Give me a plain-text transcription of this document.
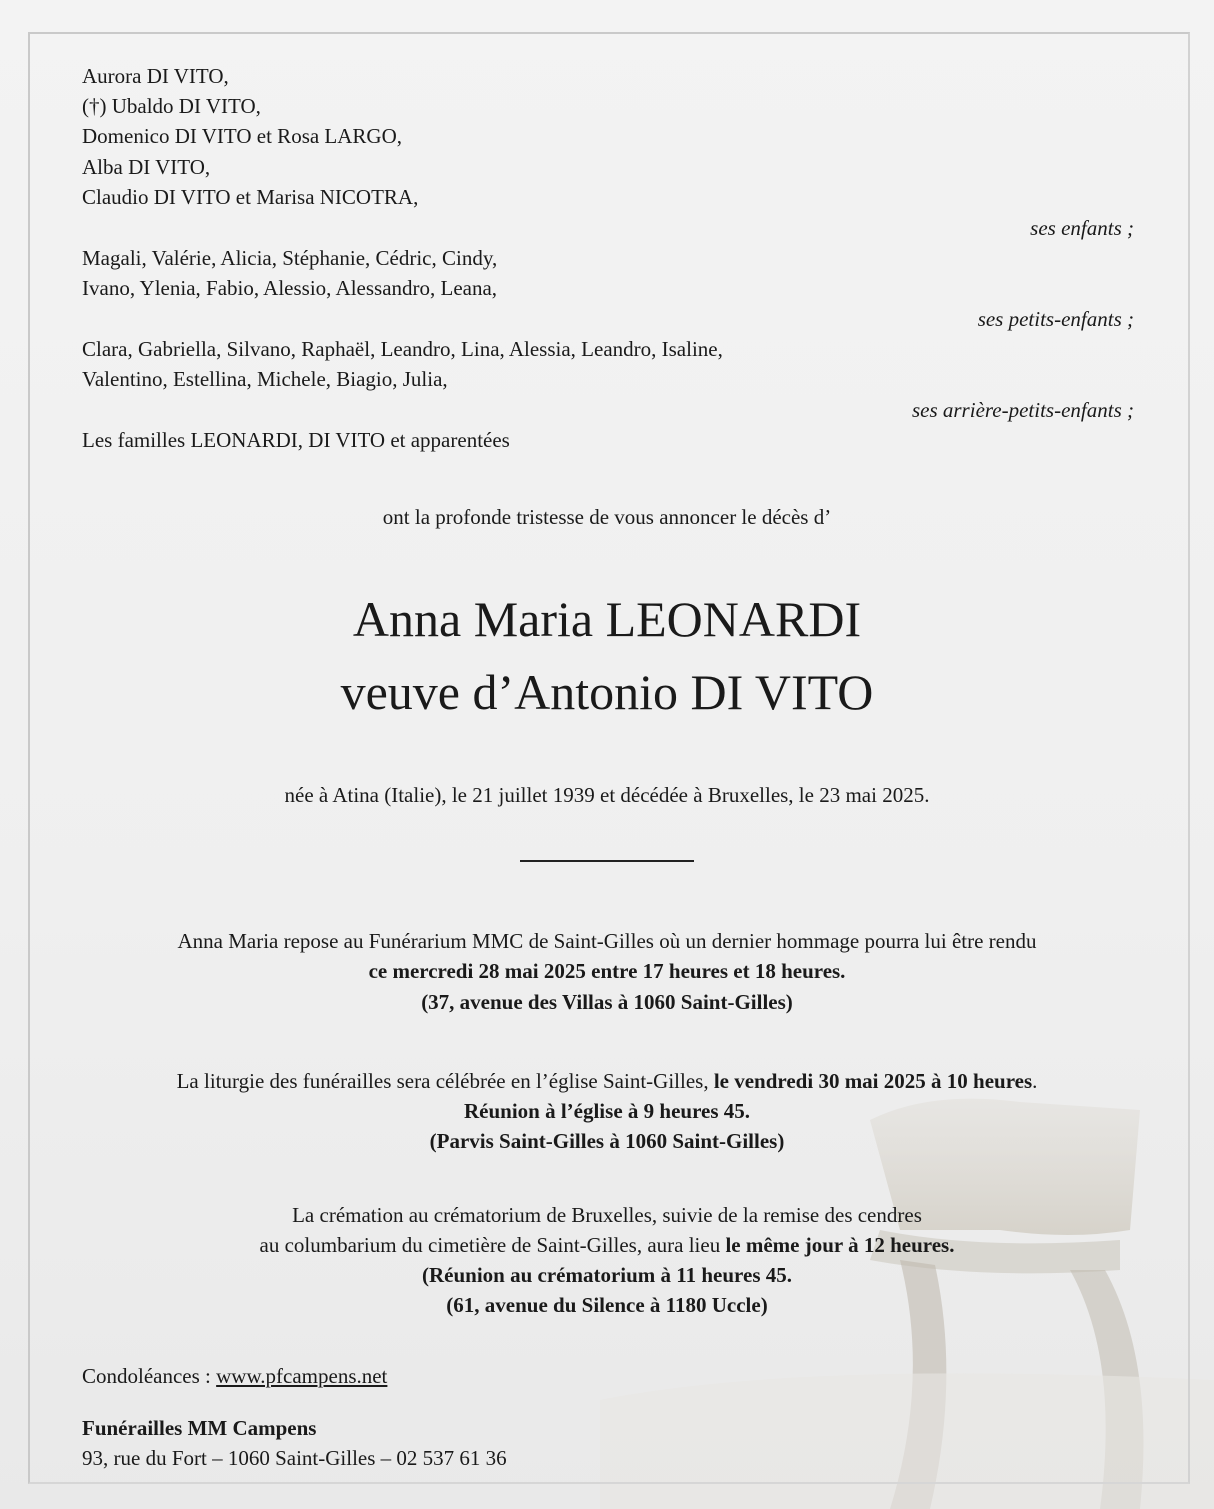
Aurora DI VITO,
(†) Ubaldo DI VITO,
Domenico DI VITO et Rosa LARGO,
Alba DI VITO,
Claudio DI VITO et Marisa NICOTRA,
ses enfants ;
Magali, Valérie, Alicia, Stéphanie, Cédric, Cindy,
Ivano, Ylenia, Fabio, Alessio, Alessandro, Leana,
ses petits-enfants ;
Clara, Gabriella, Silvano, Raphaël, Leandro, Lina, Alessia, Leandro, Isaline,
Valentino, Estellina, Michele, Biagio, Julia,
ses arrière-petits-enfants ;
Les familles LEONARDI, DI VITO et apparentées
ont la profonde tristesse de vous annoncer le décès d’
Anna Maria LEONARDI
veuve d’Antonio DI VITO
née à Atina (Italie), le 21 juillet 1939 et décédée à Bruxelles, le 23 mai 2025.
Anna Maria repose au Funérarium MMC de Saint-Gilles où un dernier hommage pourra lui être rendu
ce mercredi 28 mai 2025 entre 17 heures et 18 heures.
(37, avenue des Villas à 1060 Saint-Gilles)
La liturgie des funérailles sera célébrée en l’église Saint-Gilles, le vendredi 30 mai 2025 à 10 heures.
Réunion à l’église à 9 heures 45.
(Parvis Saint-Gilles à 1060 Saint-Gilles)
La crémation au crématorium de Bruxelles, suivie de la remise des cendres
au columbarium du cimetière de Saint-Gilles, aura lieu le même jour à 12 heures.
(Réunion au crématorium à 11 heures 45.
(61, avenue du Silence à 1180 Uccle)
Condoléances : www.pfcampens.net
Funérailles MM Campens
93, rue du Fort – 1060 Saint-Gilles – 02 537 61 36
